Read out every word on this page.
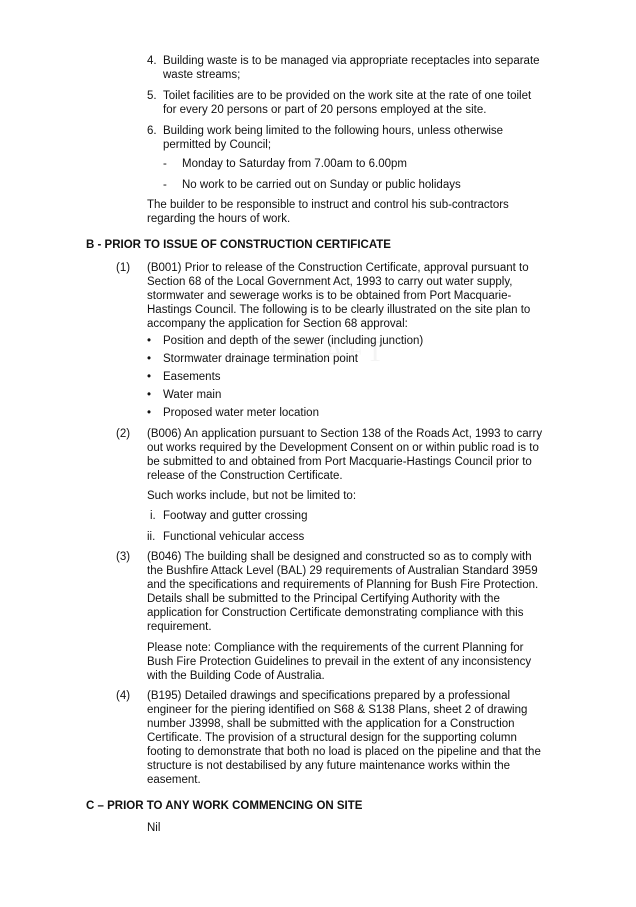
4. Building waste is to be managed via appropriate receptacles into separate
waste streams;
5. Toilet facilities are to be provided on the work site at the rate of one toilet
for every 20 persons or part of 20 persons employed at the site.
6. Building work being limited to the following hours, unless otherwise
permitted by Council;
- Monday to Saturday from 7.00am to 6.00pm
- No work to be carried out on Sunday or public holidays
The builder to be responsible to instruct and control his sub-contractors
regarding the hours of work.
B - PRIOR TO ISSUE OF CONSTRUCTION CERTIFICATE
(1) (B001) Prior to release of the Construction Certificate, approval pursuant to
Section 68 of the Local Government Act, 1993 to carry out water supply,
stormwater and sewerage works is to be obtained from Port Macquarie-
Hastings Council. The following is to be clearly illustrated on the site plan to
accompany the application for Section 68 approval:
• Position and depth of the sewer (including junction)
• Stormwater drainage termination point
• Easements
• Water main
• Proposed water meter location
(2) (B006) An application pursuant to Section 138 of the Roads Act, 1993 to carry
out works required by the Development Consent on or within public road is to
be submitted to and obtained from Port Macquarie-Hastings Council prior to
release of the Construction Certificate.
Such works include, but not be limited to:
i. Footway and gutter crossing
ii. Functional vehicular access
(3) (B046) The building shall be designed and constructed so as to comply with
the Bushfire Attack Level (BAL) 29 requirements of Australian Standard 3959
and the specifications and requirements of Planning for Bush Fire Protection.
Details shall be submitted to the Principal Certifying Authority with the
application for Construction Certificate demonstrating compliance with this
requirement.
Please note: Compliance with the requirements of the current Planning for
Bush Fire Protection Guidelines to prevail in the extent of any inconsistency
with the Building Code of Australia.
(4) (B195) Detailed drawings and specifications prepared by a professional
engineer for the piering identified on S68 & S138 Plans, sheet 2 of drawing
number J3998, shall be submitted with the application for a Construction
Certificate. The provision of a structural design for the supporting column
footing to demonstrate that both no load is placed on the pipeline and that the
structure is not destabilised by any future maintenance works within the
easement.
C – PRIOR TO ANY WORK COMMENCING ON SITE
Nil
